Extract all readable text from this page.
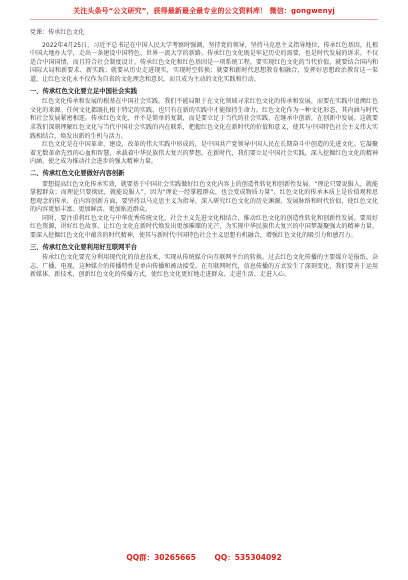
关注头条号“公文研究”，获得最新最全最专业的公文资料库！ 微信：gongwenyj

党课：传承红色文化

2022年4月25日，习近平总书记在中国人民大学考察时强调，坚持党的领导，坚持马克思主义指导地位，传承红色基因，扎根中国大地办大学，走出一条建设中国特色、世界一流大学的新路。传承红色文化既是牢记历史的需要，也是时代发展的诉求。不仅适合中国国情，而且符合社会制度设计。传承红色文化和红色基因是一项系统工程，要实现红色文化的当代价值，就要结合国内和国际大局和新要求、新实践；就要从历史走进现实，实现时空转换；就要和新时代思想教育相融合，发挥好思想政治教育这一渠道，让红色文化永不仅作为自省的文化理念和意识，而且成为主动的文化实践和行动。

一、传承红色文化要立足中国社会实践

红色文化传承和发展的根基在中国社会实践。我们不能局限于在文化领域寻求红色文化的传承和发展，而要在实践中追溯红色文化的来源。任何文化都既扎根于特定的实践，也只有在新的实践中才能保持生命力。红色文化作为一种文化形态，其内涵与时代和社会发展紧密相连。传承红色文化，并不是简单的复制，而是要立足于当代的社会实践，在继承中创新，在创新中发展。这就要求我们深刻理解红色文化与当代中国社会实践的内在联系，把握红色文化在新时代的价值和意义，使其与中国特色社会主义伟大实践相结合，焕发出新的生机与活力。

红色文化是在中国革命、建设、改革的伟大实践中形成的，是中国共产党领导中国人民在长期奋斗中创造的先进文化。它凝聚着无数革命先烈的心血和智慧，承载着中华民族伟大复兴的梦想。在新时代，我们要立足中国社会实践，深入挖掘红色文化的精神内涵，使之成为推动社会进步的强大精神力量。

二、传承红色文化要做好内容创新

要想提高红色文化传承实效，就要基于中国社会实践做好红色文化内容上的创造性转化和创新性发展。“理论只要说服人，就能掌握群众；而理论只要彻底，就能说服人”，因为“理论一经掌握群众，也会变成物质力量”。红色文化的传承本质上是价值观和思想观念的传承。在内容创新方面，要坚持以马克思主义为指导，深入研究红色文化的历史渊源、发展脉络和时代价值，使红色文化的内容更加丰富、更加鲜活、更加贴近群众。

同时，要注重将红色文化与中华优秀传统文化、社会主义先进文化相结合，推动红色文化的创造性转化和创新性发展。要用好红色资源，讲好红色故事，让红色文化在新时代焕发出更加璀璨的光芒，为实现中华民族伟大复兴的中国梦凝聚强大的精神力量。要深入挖掘红色文化中蕴含的时代精神，使其与新时代中国特色社会主义思想有机融合，增强红色文化的吸引力和感召力。

三、传承红色文化要利用好互联网平台

传承红色文化要充分利用现代化的信息技术，实现从传统媒介向互联网平台的转换。过去红色文化传播的主要媒介是报纸、杂志、广播、电视，这种媒介的传播特性是单向传播和被动接受。在互联网时代，信息传播的方式发生了深刻变化，我们要善于运用新媒体、新技术，创新红色文化的传播方式，使红色文化更好地走进群众、走进生活、走进人心。

QQ群：30265665 QQ：535304092
